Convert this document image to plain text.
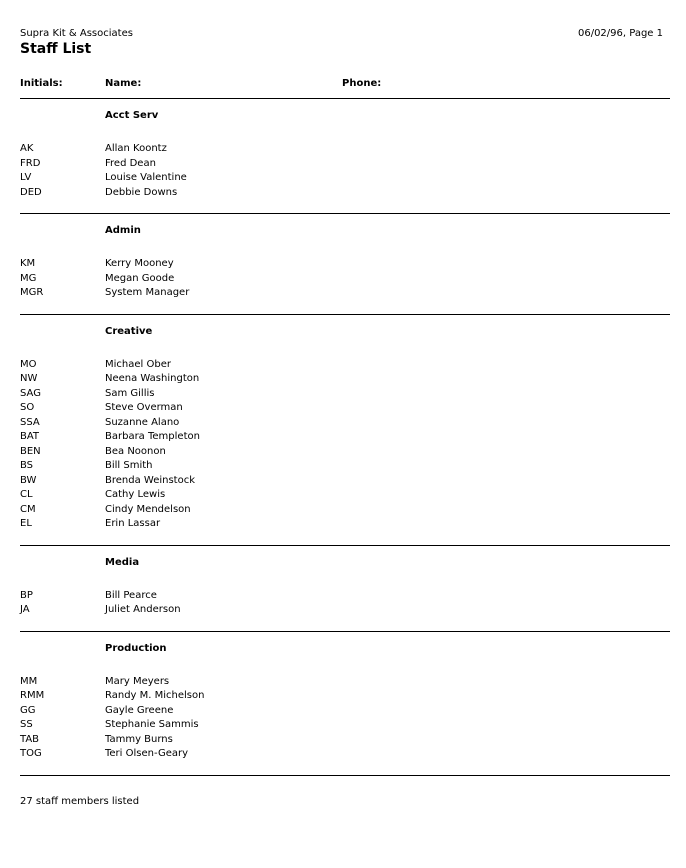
Supra Kit & Associates	06/02/96, Page 1
Staff List
Initials:	Name:	Phone:
Acct Serv
AK	Allan Koontz
FRD	Fred Dean
LV	Louise Valentine
DED	Debbie Downs
Admin
KM	Kerry Mooney
MG	Megan Goode
MGR	System Manager
Creative
MO	Michael Ober
NW	Neena Washington
SAG	Sam Gillis
SO	Steve Overman
SSA	Suzanne Alano
BAT	Barbara Templeton
BEN	Bea Noonon
BS	Bill Smith
BW	Brenda Weinstock
CL	Cathy Lewis
CM	Cindy Mendelson
EL	Erin Lassar
Media
BP	Bill Pearce
JA	Juliet Anderson
Production
MM	Mary Meyers
RMM	Randy M. Michelson
GG	Gayle Greene
SS	Stephanie Sammis
TAB	Tammy Burns
TOG	Teri Olsen-Geary
27 staff members listed
